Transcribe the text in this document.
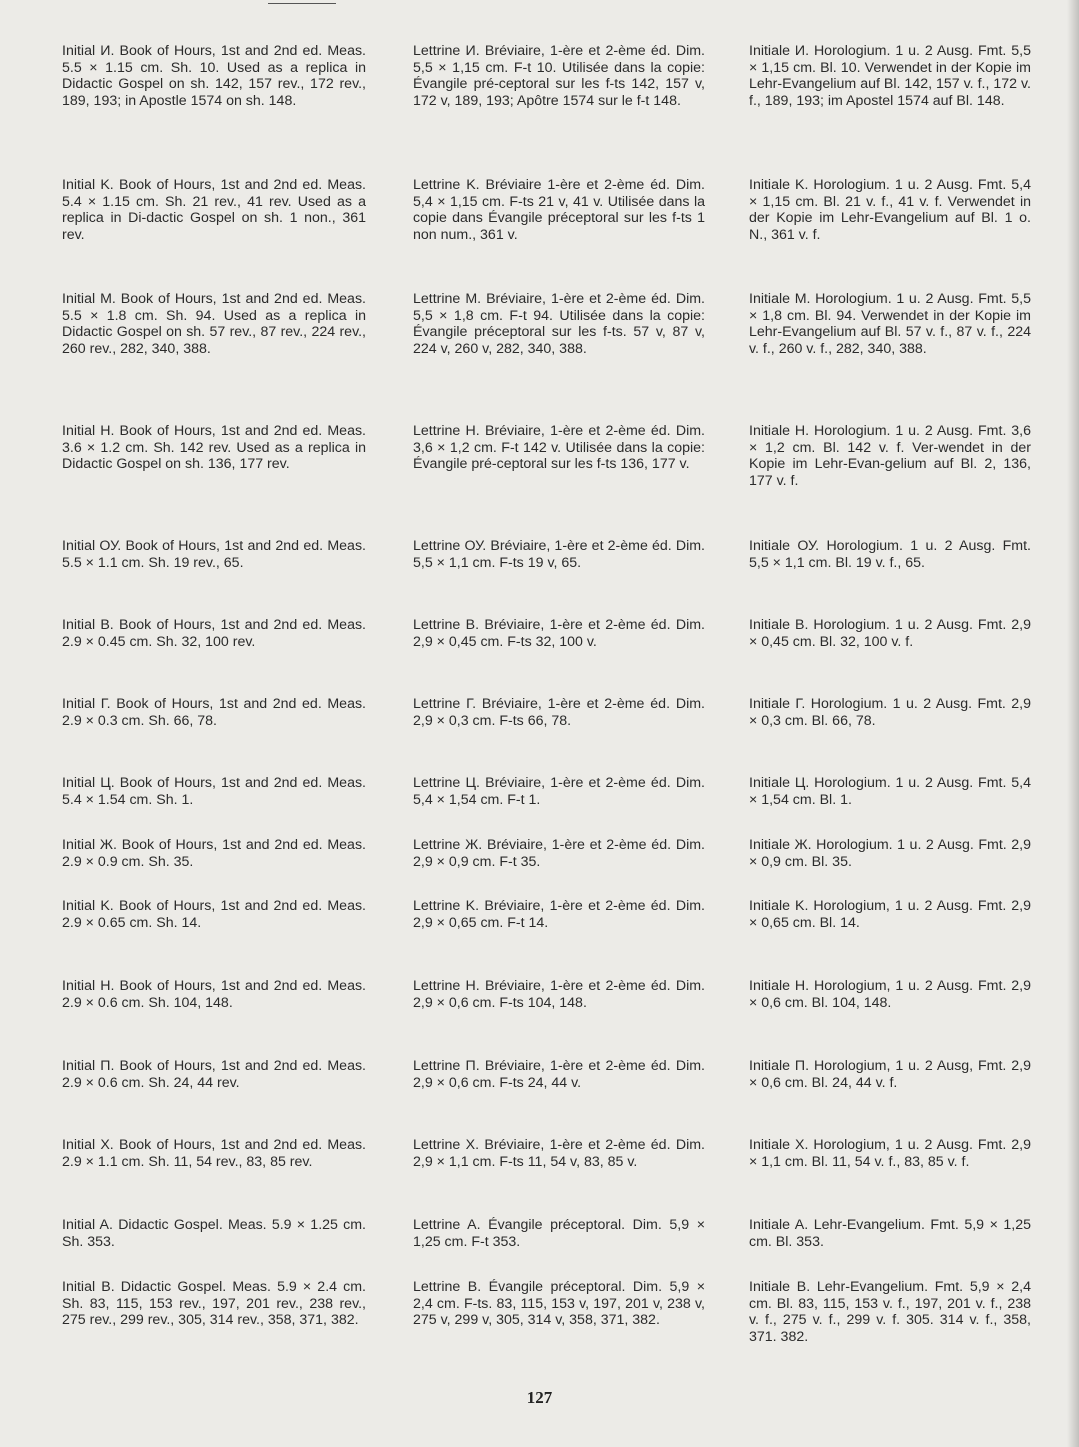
Initial И. Book of Hours, 1st and 2nd ed. Meas. 5.5 × 1.15 cm. Sh. 10. Used as a replica in Didactic Gospel on sh. 142, 157 rev., 172 rev., 189, 193; in Apostle 1574 on sh. 148.

Lettrine И. Bréviaire, 1-ère et 2-ème éd. Dim. 5,5 × 1,15 cm. F-t 10. Utilisée dans la copie: Évangile pré-ceptoral sur les f-ts 142, 157 v, 172 v, 189, 193; Apôtre 1574 sur le f-t 148.

Initiale И. Horologium. 1 u. 2 Ausg. Fmt. 5,5 × 1,15 cm. Bl. 10. Verwendet in der Kopie im Lehr-Evangelium auf Bl. 142, 157 v. f., 172 v. f., 189, 193; im Apostel 1574 auf Bl. 148.

Initial K. Book of Hours, 1st and 2nd ed. Meas. 5.4 × 1.15 cm. Sh. 21 rev., 41 rev. Used as a replica in Di-dactic Gospel on sh. 1 non., 361 rev.

Lettrine K. Bréviaire 1-ère et 2-ème éd. Dim. 5,4 × 1,15 cm. F-ts 21 v, 41 v. Utilisée dans la copie dans Évangile préceptoral sur les f-ts 1 non num., 361 v.

Initiale K. Horologium. 1 u. 2 Ausg. Fmt. 5,4 × 1,15 cm. Bl. 21 v. f., 41 v. f. Verwendet in der Kopie im Lehr-Evangelium auf Bl. 1 o. N., 361 v. f.

Initial M. Book of Hours, 1st and 2nd ed. Meas. 5.5 × 1.8 cm. Sh. 94. Used as a replica in Didactic Gospel on sh. 57 rev., 87 rev., 224 rev., 260 rev., 282, 340, 388.

Lettrine M. Bréviaire, 1-ère et 2-ème éd. Dim. 5,5 × 1,8 cm. F-t 94. Utilisée dans la copie: Évangile préceptoral sur les f-ts. 57 v, 87 v, 224 v, 260 v, 282, 340, 388.

Initiale M. Horologium. 1 u. 2 Ausg. Fmt. 5,5 × 1,8 cm. Bl. 94. Verwendet in der Kopie im Lehr-Evangelium auf Bl. 57 v. f., 87 v. f., 224 v. f., 260 v. f., 282, 340, 388.

Initial H. Book of Hours, 1st and 2nd ed. Meas. 3.6 × 1.2 cm. Sh. 142 rev. Used as a replica in Didactic Gospel on sh. 136, 177 rev.

Lettrine H. Bréviaire, 1-ère et 2-ème éd. Dim. 3,6 × 1,2 cm. F-t 142 v. Utilisée dans la copie: Évangile pré-ceptoral sur les f-ts 136, 177 v.

Initiale H. Horologium. 1 u. 2 Ausg. Fmt. 3,6 × 1,2 cm. Bl. 142 v. f. Ver-wendet in der Kopie im Lehr-Evan-gelium auf Bl. 2, 136, 177 v. f.

Initial ОУ. Book of Hours, 1st and 2nd ed. Meas. 5.5 × 1.1 cm. Sh. 19 rev., 65.

Lettrine ОУ. Bréviaire, 1-ère et 2-ème éd. Dim. 5,5 × 1,1 cm. F-ts 19 v, 65.

Initiale ОУ. Horologium. 1 u. 2 Ausg. Fmt. 5,5 × 1,1 cm. Bl. 19 v. f., 65.

Initial B. Book of Hours, 1st and 2nd ed. Meas. 2.9 × 0.45 cm. Sh. 32, 100 rev.

Lettrine B. Bréviaire, 1-ère et 2-ème éd. Dim. 2,9 × 0,45 cm. F-ts 32, 100 v.

Initiale B. Horologium. 1 u. 2 Ausg. Fmt. 2,9 × 0,45 cm. Bl. 32, 100 v. f.

Initial Г. Book of Hours, 1st and 2nd ed. Meas. 2.9 × 0.3 cm. Sh. 66, 78.

Lettrine Г. Bréviaire, 1-ère et 2-ème éd. Dim. 2,9 × 0,3 cm. F-ts 66, 78.

Initiale Г. Horologium. 1 u. 2 Ausg. Fmt. 2,9 × 0,3 cm. Bl. 66, 78.

Initial Ц. Book of Hours, 1st and 2nd ed. Meas. 5.4 × 1.54 cm. Sh. 1.

Lettrine Ц. Bréviaire, 1-ère et 2-ème éd. Dim. 5,4 × 1,54 cm. F-t 1.

Initiale Ц. Horologium. 1 u. 2 Ausg. Fmt. 5,4 × 1,54 cm. Bl. 1.

Initial Ж. Book of Hours, 1st and 2nd ed. Meas. 2.9 × 0.9 cm. Sh. 35.

Lettrine Ж. Bréviaire, 1-ère et 2-ème éd. Dim. 2,9 × 0,9 cm. F-t 35.

Initiale Ж. Horologium. 1 u. 2 Ausg. Fmt. 2,9 × 0,9 cm. Bl. 35.

Initial K. Book of Hours, 1st and 2nd ed. Meas. 2.9 × 0.65 cm. Sh. 14.

Lettrine K. Bréviaire, 1-ère et 2-ème éd. Dim. 2,9 × 0,65 cm. F-t 14.

Initiale K. Horologium, 1 u. 2 Ausg. Fmt. 2,9 × 0,65 cm. Bl. 14.

Initial H. Book of Hours, 1st and 2nd ed. Meas. 2.9 × 0.6 cm. Sh. 104, 148.

Lettrine H. Bréviaire, 1-ère et 2-ème éd. Dim. 2,9 × 0,6 cm. F-ts 104, 148.

Initiale H. Horologium, 1 u. 2 Ausg. Fmt. 2,9 × 0,6 cm. Bl. 104, 148.

Initial П. Book of Hours, 1st and 2nd ed. Meas. 2.9 × 0.6 cm. Sh. 24, 44 rev.

Lettrine П. Bréviaire, 1-ère et 2-ème éd. Dim. 2,9 × 0,6 cm. F-ts 24, 44 v.

Initiale П. Horologium, 1 u. 2 Ausg, Fmt. 2,9 × 0,6 cm. Bl. 24, 44 v. f.

Initial X. Book of Hours, 1st and 2nd ed. Meas. 2.9 × 1.1 cm. Sh. 11, 54 rev., 83, 85 rev.

Lettrine X. Bréviaire, 1-ère et 2-ème éd. Dim. 2,9 × 1,1 cm. F-ts 11, 54 v, 83, 85 v.

Initiale X. Horologium, 1 u. 2 Ausg. Fmt. 2,9 × 1,1 cm. Bl. 11, 54 v. f., 83, 85 v. f.

Initial A. Didactic Gospel. Meas. 5.9 × 1.25 cm. Sh. 353.

Lettrine A. Évangile préceptoral. Dim. 5,9 × 1,25 cm. F-t 353.

Initiale A. Lehr-Evangelium. Fmt. 5,9 × 1,25 cm. Bl. 353.

Initial B. Didactic Gospel. Meas. 5.9 × 2.4 cm. Sh. 83, 115, 153 rev., 197, 201 rev., 238 rev., 275 rev., 299 rev., 305, 314 rev., 358, 371, 382.

Lettrine B. Évangile préceptoral. Dim. 5,9 × 2,4 cm. F-ts. 83, 115, 153 v, 197, 201 v, 238 v, 275 v, 299 v, 305, 314 v, 358, 371, 382.

Initiale B. Lehr-Evangelium. Fmt. 5,9 × 2,4 cm. Bl. 83, 115, 153 v. f., 197, 201 v. f., 238 v. f., 275 v. f., 299 v. f. 305. 314 v. f., 358, 371. 382.

127
